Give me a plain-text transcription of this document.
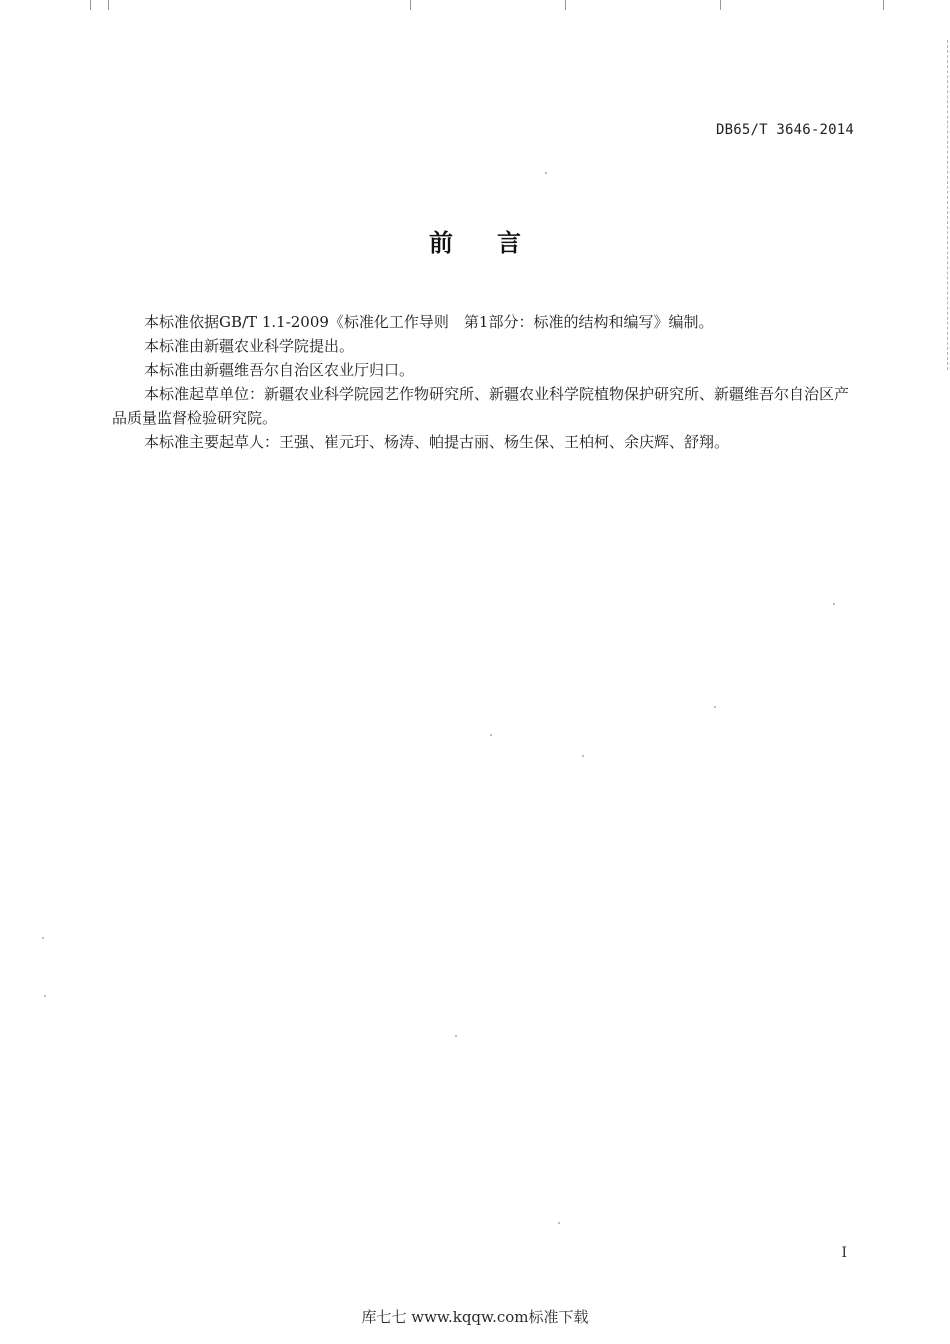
DB65/T 3646-2014
前言

本标准依据GB/T 1.1-2009《标准化工作导则　第1部分：标准的结构和编写》编制。

本标准由新疆农业科学院提出。

本标准由新疆维吾尔自治区农业厅归口。

本标准起草单位：新疆农业科学院园艺作物研究所、新疆农业科学院植物保护研究所、新疆维吾尔自治区产品质量监督检验研究院。

本标准主要起草人：王强、崔元玗、杨涛、帕提古丽、杨生保、王柏柯、余庆辉、舒翔。

I
库七七 www.kqqw.com标准下载
